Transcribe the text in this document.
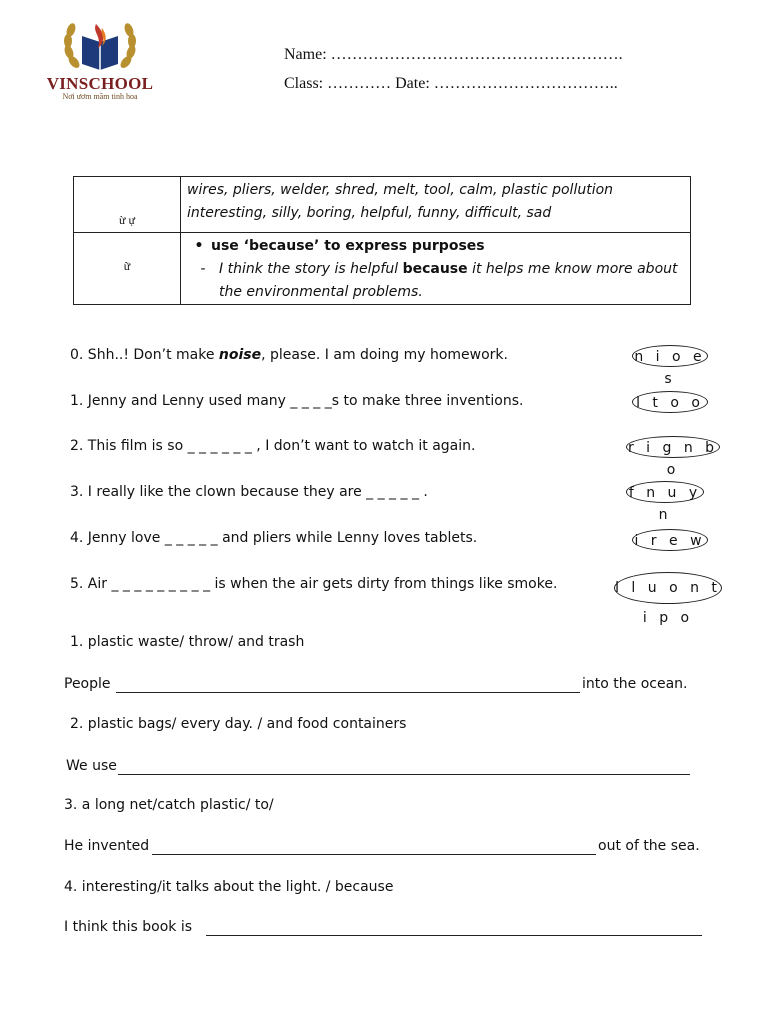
VINSCHOOL
Nơi ươm mầm tinh hoa
Name: ……………………………………………….
Class: ………… Date: ……………………………..
ừ ự	wires, pliers, welder, shred, melt, tool, calm, plastic pollution
interesting, silly, boring, helpful, funny, difficult, sad

ữ	• use ‘because’ to express purposes
- I think the story is helpful because it helps me know more about the environmental problems.
0. Shh..! Don’t make noise, please. I am doing my homework.	n i o e s
1. Jenny and Lenny used many _ _ _ _s to make three inventions.	l t o o
2. This film is so _ _ _ _ _ _ , I don’t want to watch it again.	r i g n b o
3. I really like the clown because they are _ _ _ _ _ .	f n u y n
4. Jenny love _ _ _ _ _ and pliers while Lenny loves tablets.	i r e w
5. Air _ _ _ _ _ _ _ _ _ is when the air gets dirty from things like smoke.	l l u o n t i p o
1. plastic waste/ throw/ and trash
People	into the ocean.
2. plastic bags/ every day. / and food containers
We use
3. a long net/catch plastic/ to/
He invented	out of the sea.
4. interesting/it talks about the light. / because
I think this book is
